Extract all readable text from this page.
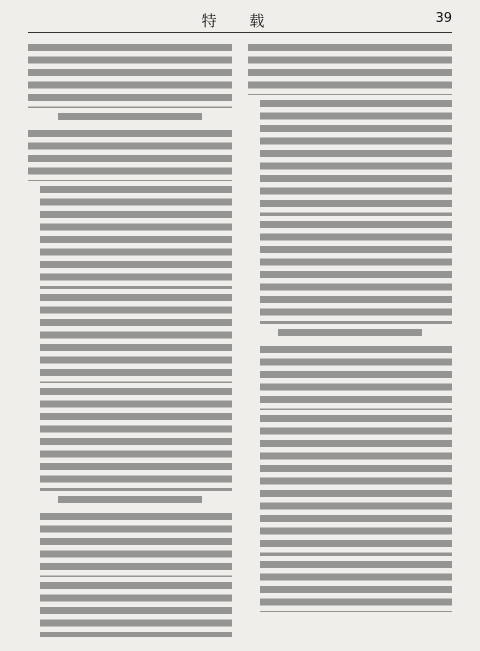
特 载	39
